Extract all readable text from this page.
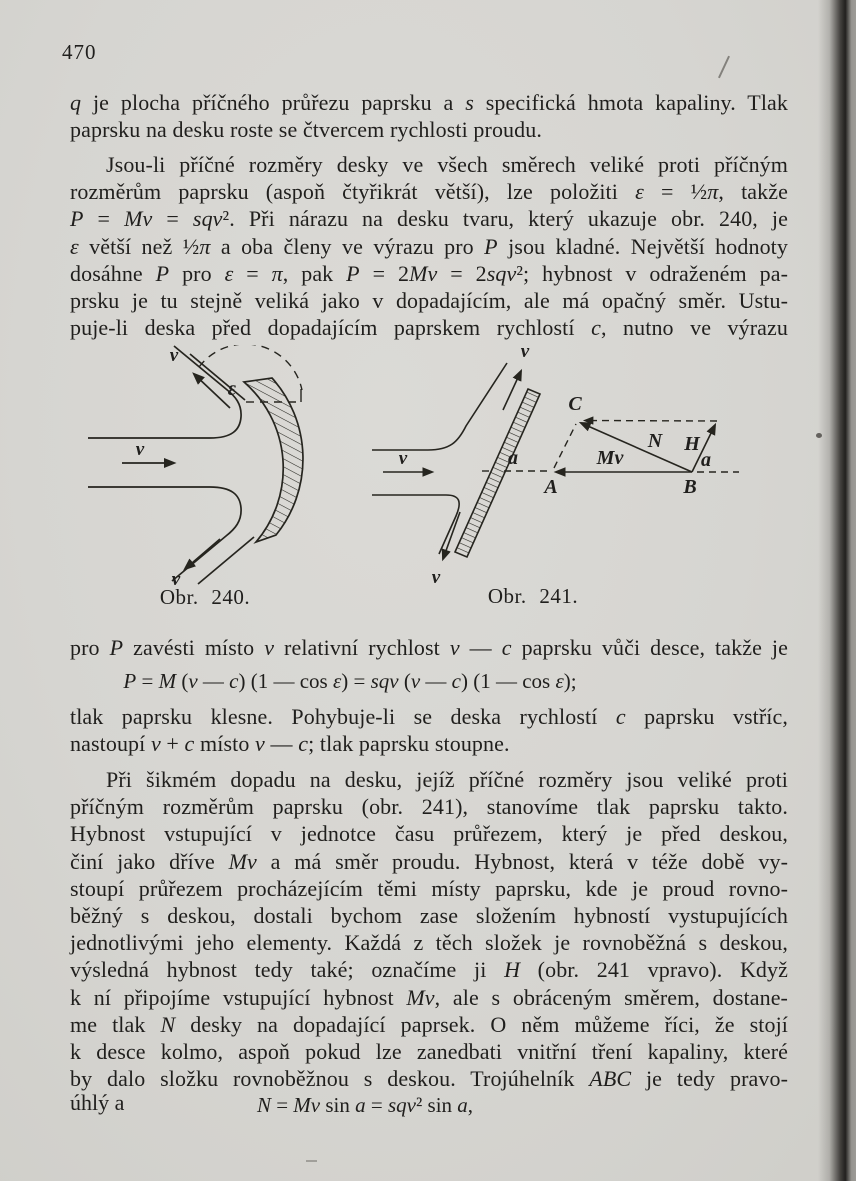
470
q je plocha příčného průřezu paprsku a s specifická hmota kapaliny. Tlak
paprsku na desku roste se čtvercem rychlosti proudu.
Jsou-li příčné rozměry desky ve všech směrech veliké proti příčným
rozměrům paprsku (aspoň čtyřikrát větší), lze položiti ε = ½π, takže
P = Mv = sqv². Při nárazu na desku tvaru, který ukazuje obr. 240, je
ε větší než ½π a oba členy ve výrazu pro P jsou kladné. Největší hodnoty
dosáhne P pro ε = π, pak P = 2Mv = 2sqv²; hybnost v odraženém pa-
prsku je tu stejně veliká jako v dopadajícím, ale má opačný směr. Ustu-
puje-li deska před dopadajícím paprskem rychlostí c, nutno ve výrazu
pro P zavésti místo v relativní rychlost v — c paprsku vůči desce, takže je
P = M (v — c) (1 — cos ε) = sqv (v — c) (1 — cos ε);
tlak paprsku klesne. Pohybuje-li se deska rychlostí c paprsku vstříc,
nastoupí v + c místo v — c; tlak paprsku stoupne.
Při šikmém dopadu na desku, jejíž příčné rozměry jsou veliké proti
příčným rozměrům paprsku (obr. 241), stanovíme tlak paprsku takto.
Hybnost vstupující v jednotce času průřezem, který je před deskou,
činí jako dříve Mv a má směr proudu. Hybnost, která v téže době vy-
stoupí průřezem procházejícím těmi místy paprsku, kde je proud rovno-
běžný s deskou, dostali bychom zase složením hybností vystupujících
jednotlivými jeho elementy. Každá z těch složek je rovnoběžná s deskou,
výsledná hybnost tedy také; označíme ji H (obr. 241 vpravo). Když
k ní připojíme vstupující hybnost Mv, ale s obráceným směrem, dostane-
me tlak N desky na dopadající paprsek. O něm můžeme říci, že stojí
k desce kolmo, aspoň pokud lze zanedbati vnitřní tření kapaliny, které
by dalo složku rovnoběžnou s deskou. Trojúhelník ABC je tedy pravo-
úhlý a	N = Mv sin a = sqv² sin a,
v
v
v
ε
Obr. 240.
v
v
v
a
A	B
C
Mv
N H
a
Obr. 241.
